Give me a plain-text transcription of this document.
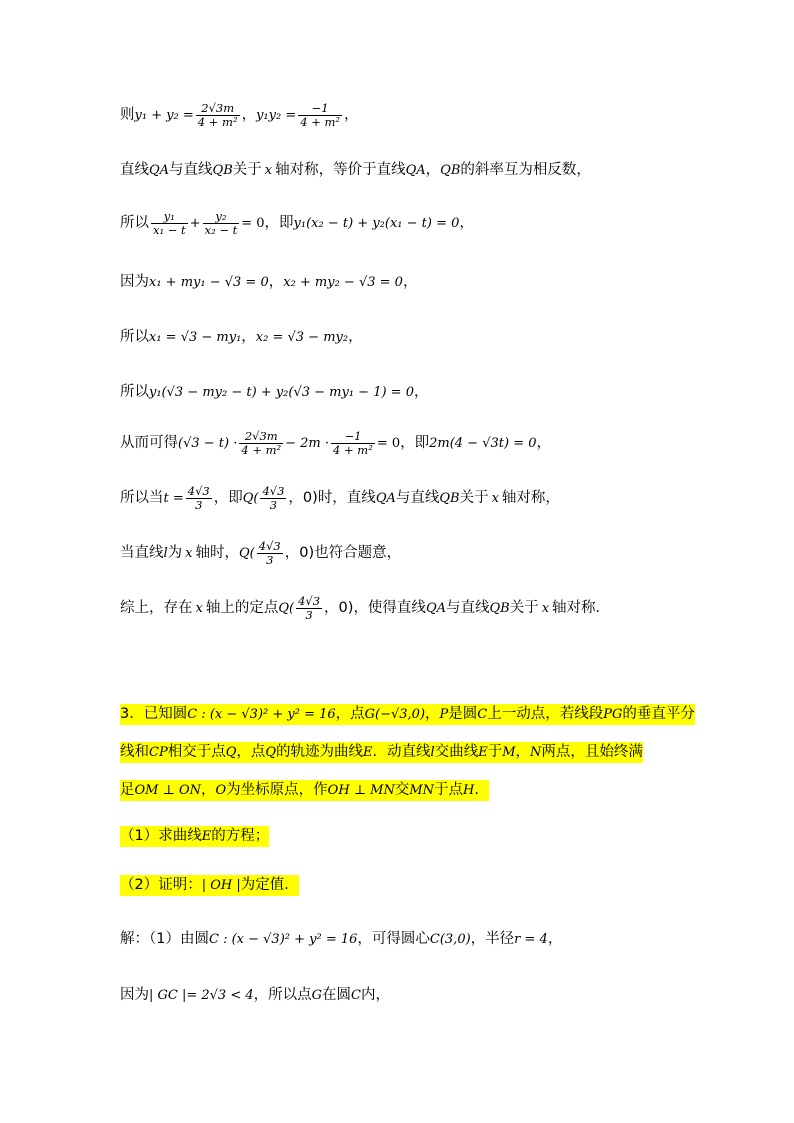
则 $y_1 + y_2 = \frac{2√3m}{\text{4 + m²}}$ ， $y_1y_2 = \frac{-1}{\text{4 + m²}}$ ，
直线 QA 与直线 QB 关于 x 轴对称，等价于直线 QA ， QB 的斜率互为相反数，
所以 $\frac{\text{y₁}}{\text{x₁ − t}} + \frac{\text{y₂}}{\text{x₂ − t}} = 0$ ，即 y₁(x₂ − t) + y₂(x₁ − t) = 0 ，
因为 x₁ + my₁ − √3 = 0 ， x₂ + my₂ − √3 = 0 ，
所以 x₁ = √3 − my₁ ， x₂ = √3 − my₂ ，
所以 y₁(√3 − my₂ − t) + y₂(√3 − my₁ − 1) = 0 ，
从而可得 $(√3 - t) \cdot \frac{2√3m}{\text{4 + m²}} - 2m \cdot \frac{-1}{\text{4 + m²}} = 0$ ，即 2m(4 − √3t) = 0 ，
所以当 $t = \frac{4√3}{3}$ ，即 $Q( \frac{4√3}{3}$ ，0) 时，直线 QA 与直线 QB 关于 x 轴对称，
当直线 l 为 x 轴时， $Q( \frac{4√3}{3}$ ，0) 也符合题意，
综上，存在 x 轴上的定点 $Q( \frac{4√3}{3}$ ，0) ，使得直线 QA 与直线 QB 关于 x 轴对称．
3．已知圆 C : (x − √3)² + y² = 16 ，点 G(−√3,0) ， P 是圆 C 上一动点，若线段 PG 的垂直平分
线和 CP 相交于点 Q ，点 Q 的轨迹为曲线 E ．动直线 l 交曲线 E 于 M ， N 两点，且始终满
足 OM ⊥ ON ， O 为坐标原点，作 OH ⊥ MN 交 MN 于点 H ．
（1）求曲线 E 的方程；
（2）证明： | OH | 为定值．
解：（1）由圆 C : (x − √3)² + y² = 16 ，可得圆心 C(3,0) ，半径 r = 4 ，
因为 | GC |= 2√3 < 4 ，所以点 G 在圆 C 内，
